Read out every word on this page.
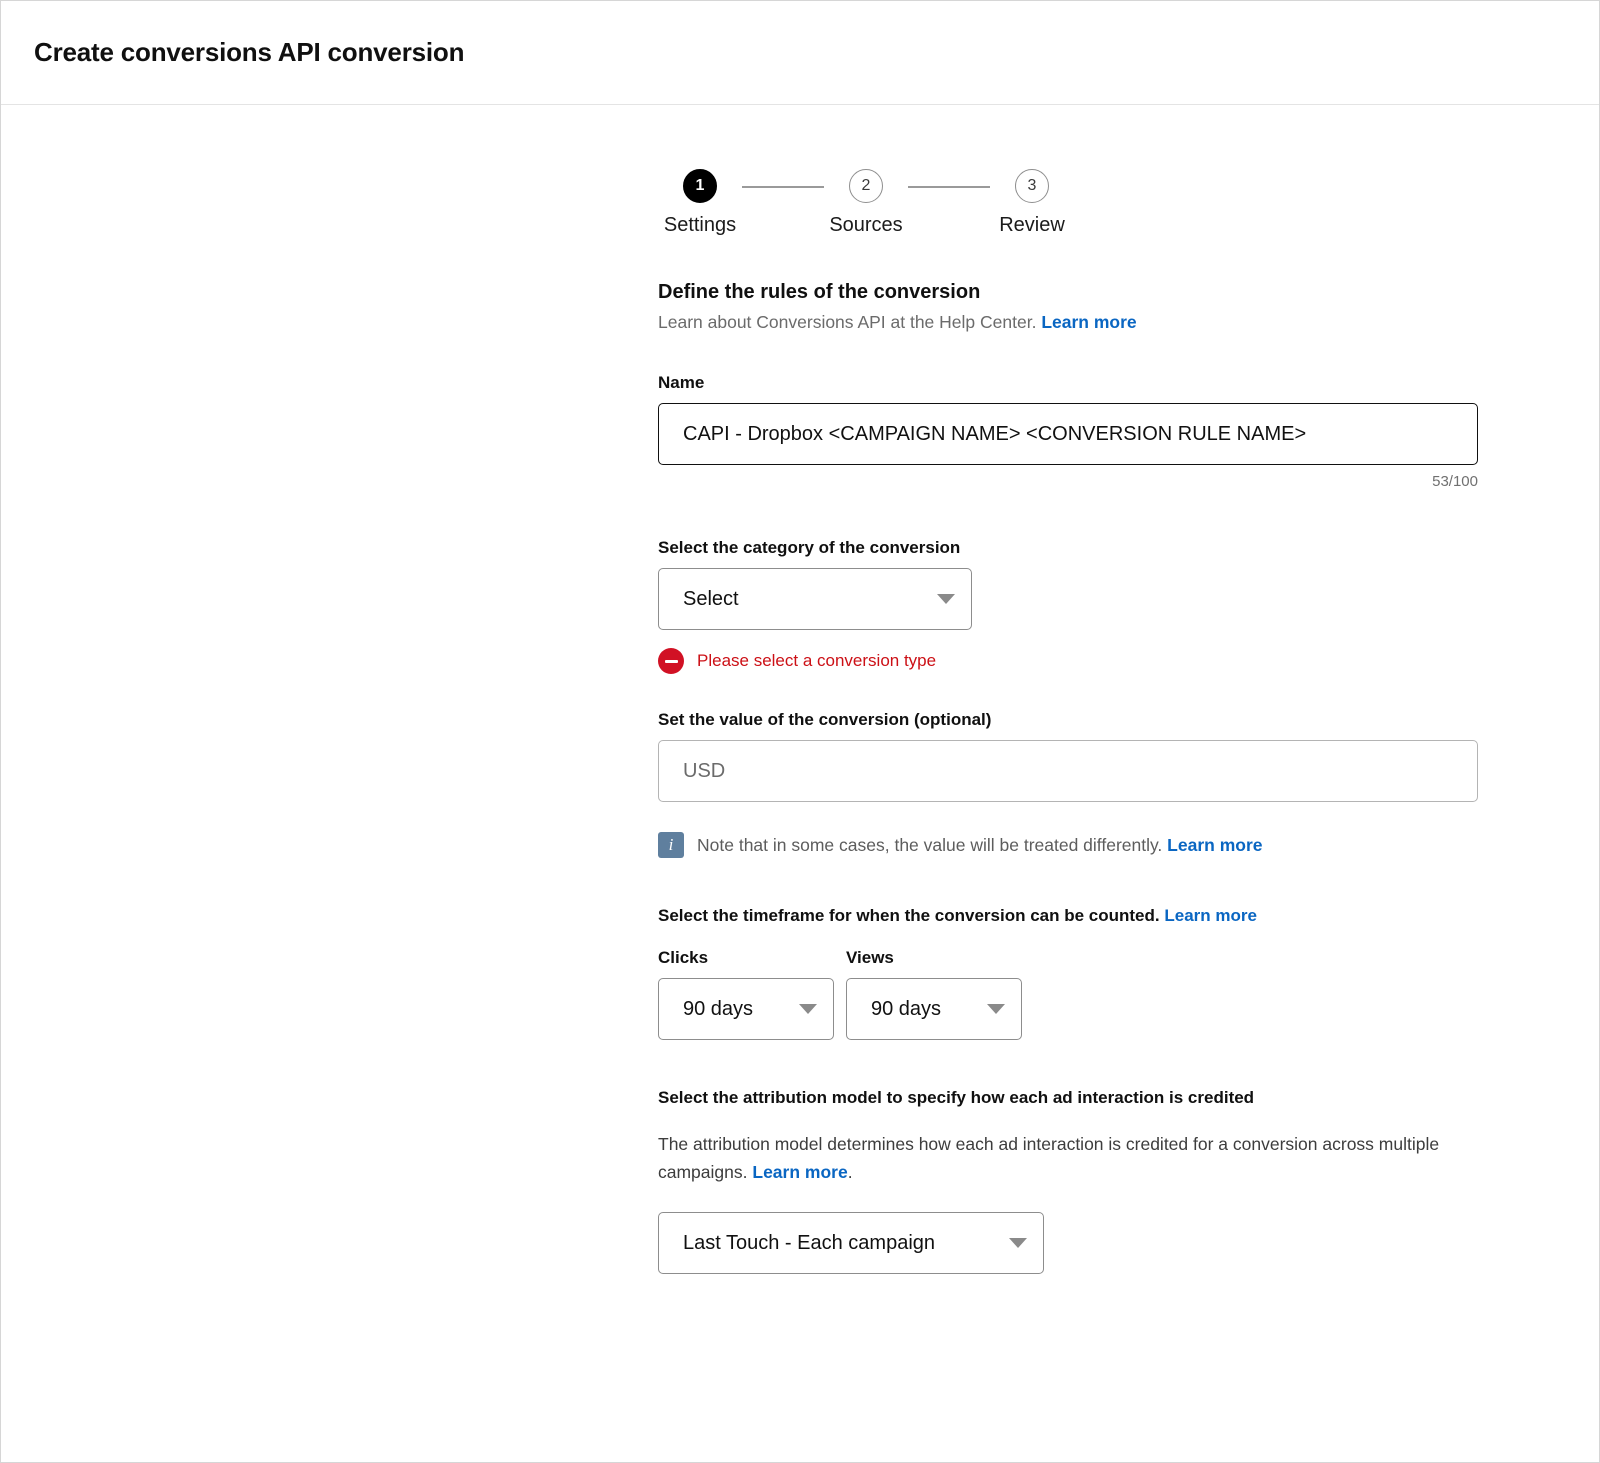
Create conversions API conversion
1
Settings
2
Sources
3
Review
Define the rules of the conversion
Learn about Conversions API at the Help Center. Learn more
Name
CAPI - Dropbox <CAMPAIGN NAME> <CONVERSION RULE NAME>
53/100
Select the category of the conversion
Select
Please select a conversion type
Set the value of the conversion (optional)
USD
i	Note that in some cases, the value will be treated differently. Learn more
Select the timeframe for when the conversion can be counted. Learn more
Clicks
90 days
Views
90 days
Select the attribution model to specify how each ad interaction is credited
The attribution model determines how each ad interaction is credited for a conversion across multiple campaigns. Learn more.
Last Touch - Each campaign
